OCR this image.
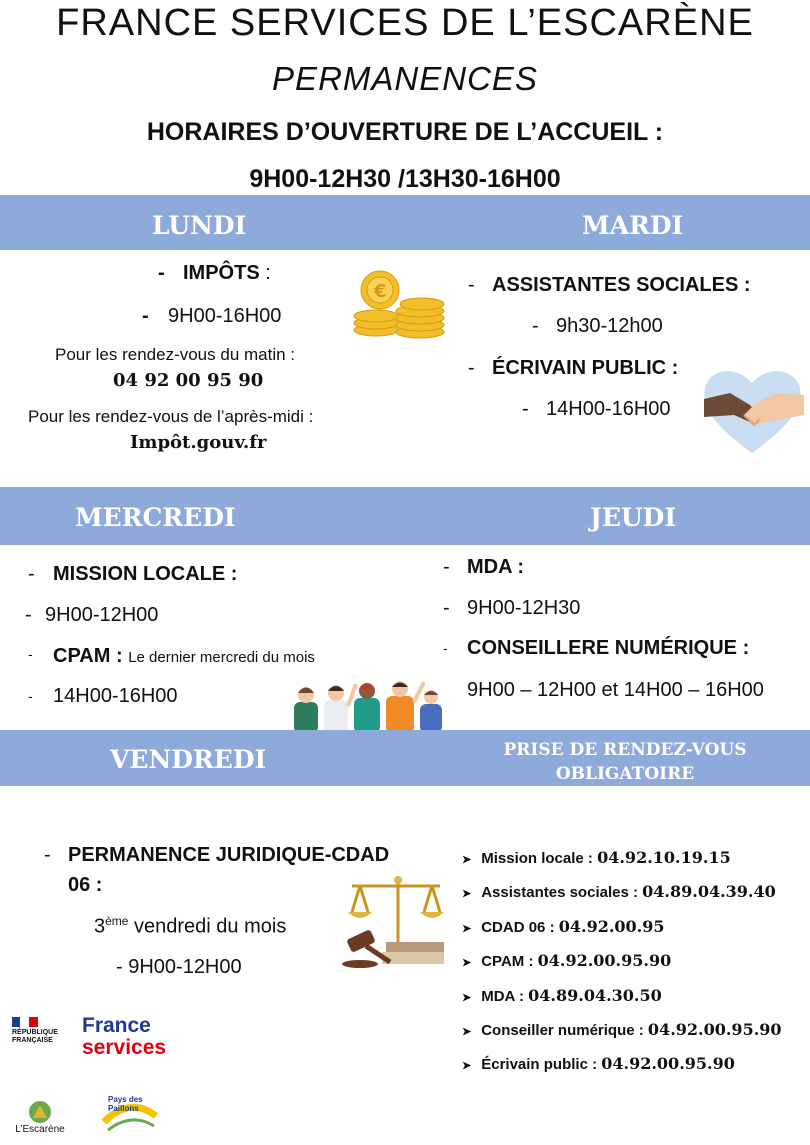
FRANCE SERVICES DE L’ESCARÈNE
PERMANENCES
HORAIRES D’OUVERTURE DE L’ACCUEIL :
9H00-12H30 /13H30-16H00
LUNDI	MARDI
- IMPÔTS :
- 9H00-16H00
Pour les rendez-vous du matin :
04 92 00 95 90
Pour les rendez-vous de l’après-midi :
Impôt.gouv.fr
€	- ASSISTANTES SOCIALES :
- 9h30-12h00
- ÉCRIVAIN PUBLIC :
- 14H00-16H00
MERCREDI	JEUDI
- MISSION LOCALE :
- 9H00-12H00
- CPAM : Le dernier mercredi du mois
- 14H00-16H00
- MDA :
- 9H00-12H30
- CONSEILLERE NUMÉRIQUE :
9H00 – 12H00 et 14H00 – 16H00
VENDREDI	PRISE DE RENDEZ-VOUS
OBLIGATOIRE
- PERMANENCE JURIDIQUE-CDAD
06 :
3ème vendredi du mois
- 9H00-12H00
➤ Mission locale : 04.92.10.19.15
➤ Assistantes sociales : 04.89.04.39.40
➤ CDAD 06 : 04.92.00.95
➤ CPAM : 04.92.00.95.90
➤ MDA : 04.89.04.30.50
➤ Conseiller numérique : 04.92.00.95.90
➤ Écrivain public : 04.92.00.95.90
RÉPUBLIQUE
FRANÇAISE
France
services
L’Escarène
Pays des Paillons
